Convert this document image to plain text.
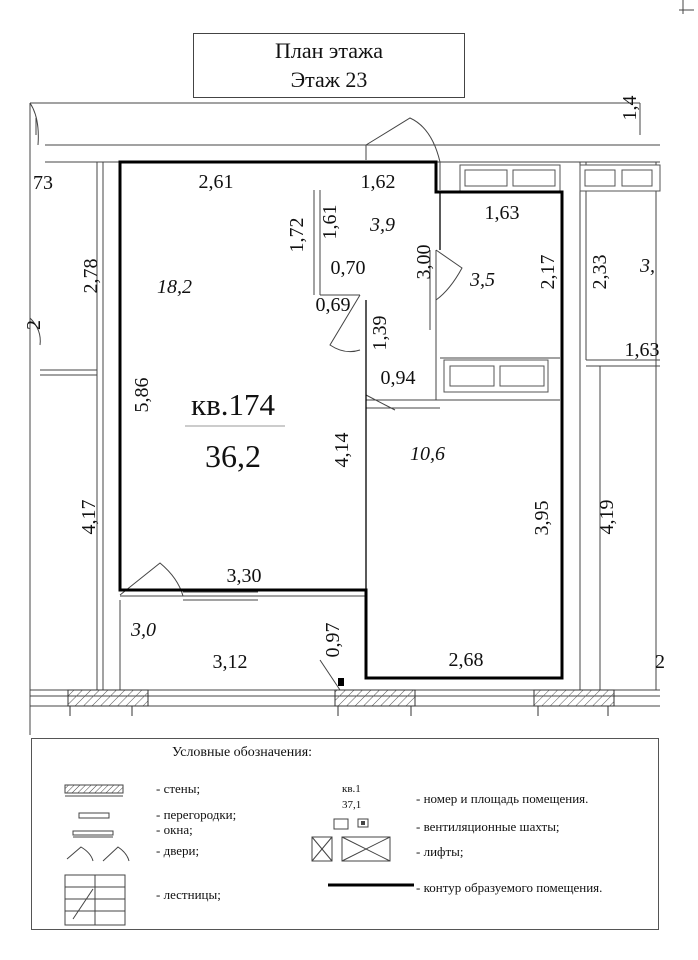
План этажа
Этаж 23
кв.174
36,2
18,2
3,9
3,5
10,6
3,0
3,
2,61	1,62
1,63
0,70
0,69
0,94
3,30
3,12	2,68
1,63
73
2
1,72 1,61
3,00	2,17
1,39
5,86
4,14
3,95
0,97
2,78
4,17	4,19
2,33
1,4
2
Условные обозначения:
- стены;
- перегородки;
- окна;
- двери;
- лестницы;
кв.1
37,1	- номер и площадь помещения.
- вентиляционные шахты;
- лифты;
- контур образуемого помещения.
